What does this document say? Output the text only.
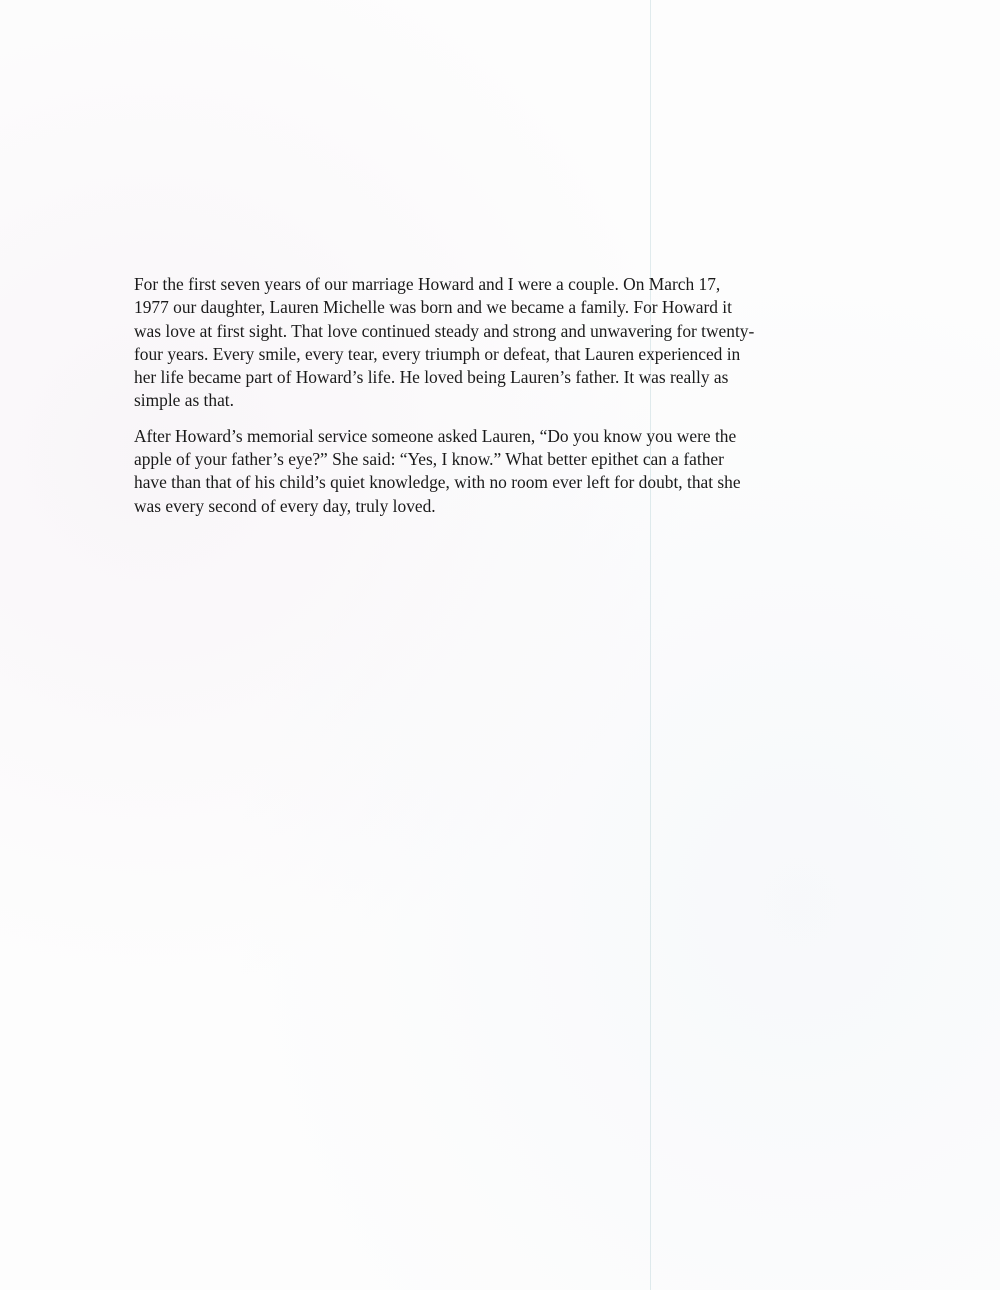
For the first seven years of our marriage Howard and I were a couple. On March 17,
1977 our daughter, Lauren Michelle was born and we became a family. For Howard it
was love at first sight. That love continued steady and strong and unwavering for twenty-
four years. Every smile, every tear, every triumph or defeat, that Lauren experienced in
her life became part of Howard’s life. He loved being Lauren’s father. It was really as
simple as that.

After Howard’s memorial service someone asked Lauren, “Do you know you were the
apple of your father’s eye?” She said: “Yes, I know.” What better epithet can a father
have than that of his child’s quiet knowledge, with no room ever left for doubt, that she
was every second of every day, truly loved.
